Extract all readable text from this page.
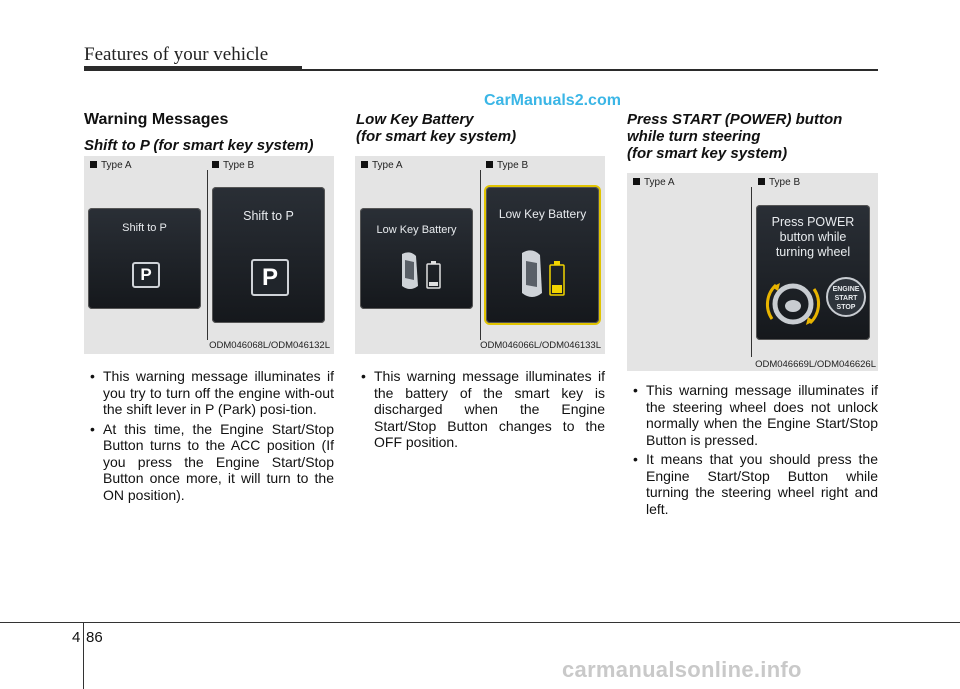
Features of your vehicle
CarManuals2.com
Warning Messages
Shift to P (for smart key system)
Type A	Type B
Shift to P
P
Shift to P
P
ODM046068L/ODM046132L
• This warning message illuminates if you try to turn off the engine with-out the shift lever in P (Park) posi-tion.
• At this time, the Engine Start/Stop Button turns to the ACC position (If you press the Engine Start/Stop Button once more, it will turn to the ON position).
Low Key Battery
(for smart key system)
Type A	Type B
Low Key Battery
Low Key Battery
ODM046066L/ODM046133L
• This warning message illuminates if the battery of the smart key is discharged when the Engine Start/Stop Button changes to the OFF position.
Press START (POWER) button
while turn steering
(for smart key system)
Type A	Type B
Press POWER
button while
turning wheel
ENGINE
START
STOP
ODM046669L/ODM046626L
• This warning message illuminates if the steering wheel does not unlock normally when the Engine Start/Stop Button is pressed.
• It means that you should press the Engine Start/Stop Button while turning the steering wheel right and left.
4 86
carmanualsonline.info
